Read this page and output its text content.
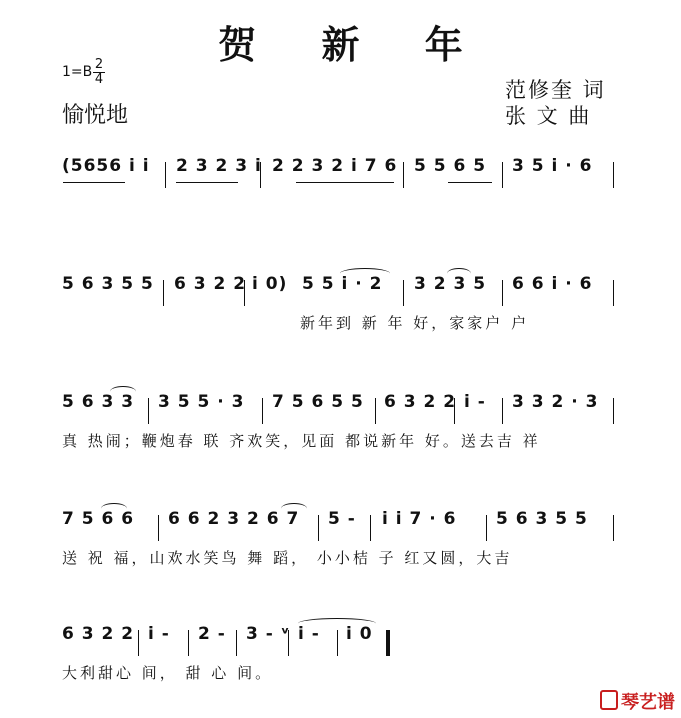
贺 新 年
1=B 2
4
愉悦地
范修奎 词
张 文 曲
(5656 i i 2 3 2 3 i 2 2 3 2 i 7 6 5 5 6 5 3 5 i · 6
5 6 3 5 5 6 3 2 2 i 0) 5 5 i · 2 3 2 3 5 6 6 i · 6
新年到 新 年 好，家家户 户
5 6 3 3 3 5 5 · 3 7 5 6 5 5 6 3 2 2 i - 3 3 2 · 3
真 热闹；鞭炮春 联 齐欢笑，见面 都说新年 好。送去吉 祥
7 5 6 6 6 6 2 3 2 6 7 5 - i i 7 · 6 5 6 3 5 5
送 祝 福，山欢水笑鸟 舞 蹈， 小小桔 子 红又圆，大吉
6 3 2 2 i - 2 - 3 - ᵛ i - i 0
大利甜心 间， 甜 心 间。
琴艺谱
